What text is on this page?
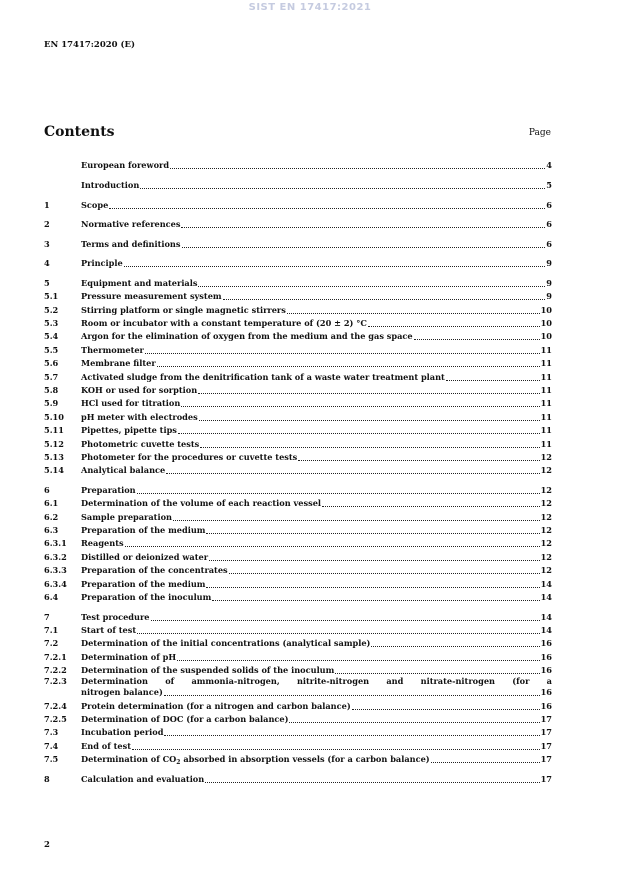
SIST EN 17417:2021
EN 17417:2020 (E)
Contents	Page
European foreword	4
Introduction	5
1	Scope	6
2	Normative references	6
3	Terms and definitions	6
4	Principle	9
5	Equipment and materials	9
5.1	Pressure measurement system	9
5.2	Stirring platform or single magnetic stirrers	10
5.3	Room or incubator with a constant temperature of (20 ± 2) °C	10
5.4	Argon for the elimination of oxygen from the medium and the gas space	10
5.5	Thermometer	11
5.6	Membrane filter	11
5.7	Activated sludge from the denitrification tank of a waste water treatment plant	11
5.8	KOH or used for sorption	11
5.9	HCl used for titration	11
5.10	pH meter with electrodes	11
5.11	Pipettes, pipette tips	11
5.12	Photometric cuvette tests	11
5.13	Photometer for the procedures or cuvette tests	12
5.14	Analytical balance	12
6	Preparation	12
6.1	Determination of the volume of each reaction vessel	12
6.2	Sample preparation	12
6.3	Preparation of the medium	12
6.3.1	Reagents	12
6.3.2	Distilled or deionized water	12
6.3.3	Preparation of the concentrates	12
6.3.4	Preparation of the medium	14
6.4	Preparation of the inoculum	14
7	Test procedure	14
7.1	Start of test	14
7.2	Determination of the initial concentrations (analytical sample)	16
7.2.1	Determination of pH	16
7.2.2	Determination of the suspended solids of the inoculum	16
7.2.3	Determination of ammonia-nitrogen, nitrite-nitrogen and nitrate-nitrogen (for a
nitrogen balance)	16
7.2.4	Protein determination (for a nitrogen and carbon balance)	16
7.2.5	Determination of DOC (for a carbon balance)	17
7.3	Incubation period	17
7.4	End of test	17
7.5	Determination of $CO_2$ absorbed in absorption vessels (for a carbon balance)	17
8	Calculation and evaluation	17
2
